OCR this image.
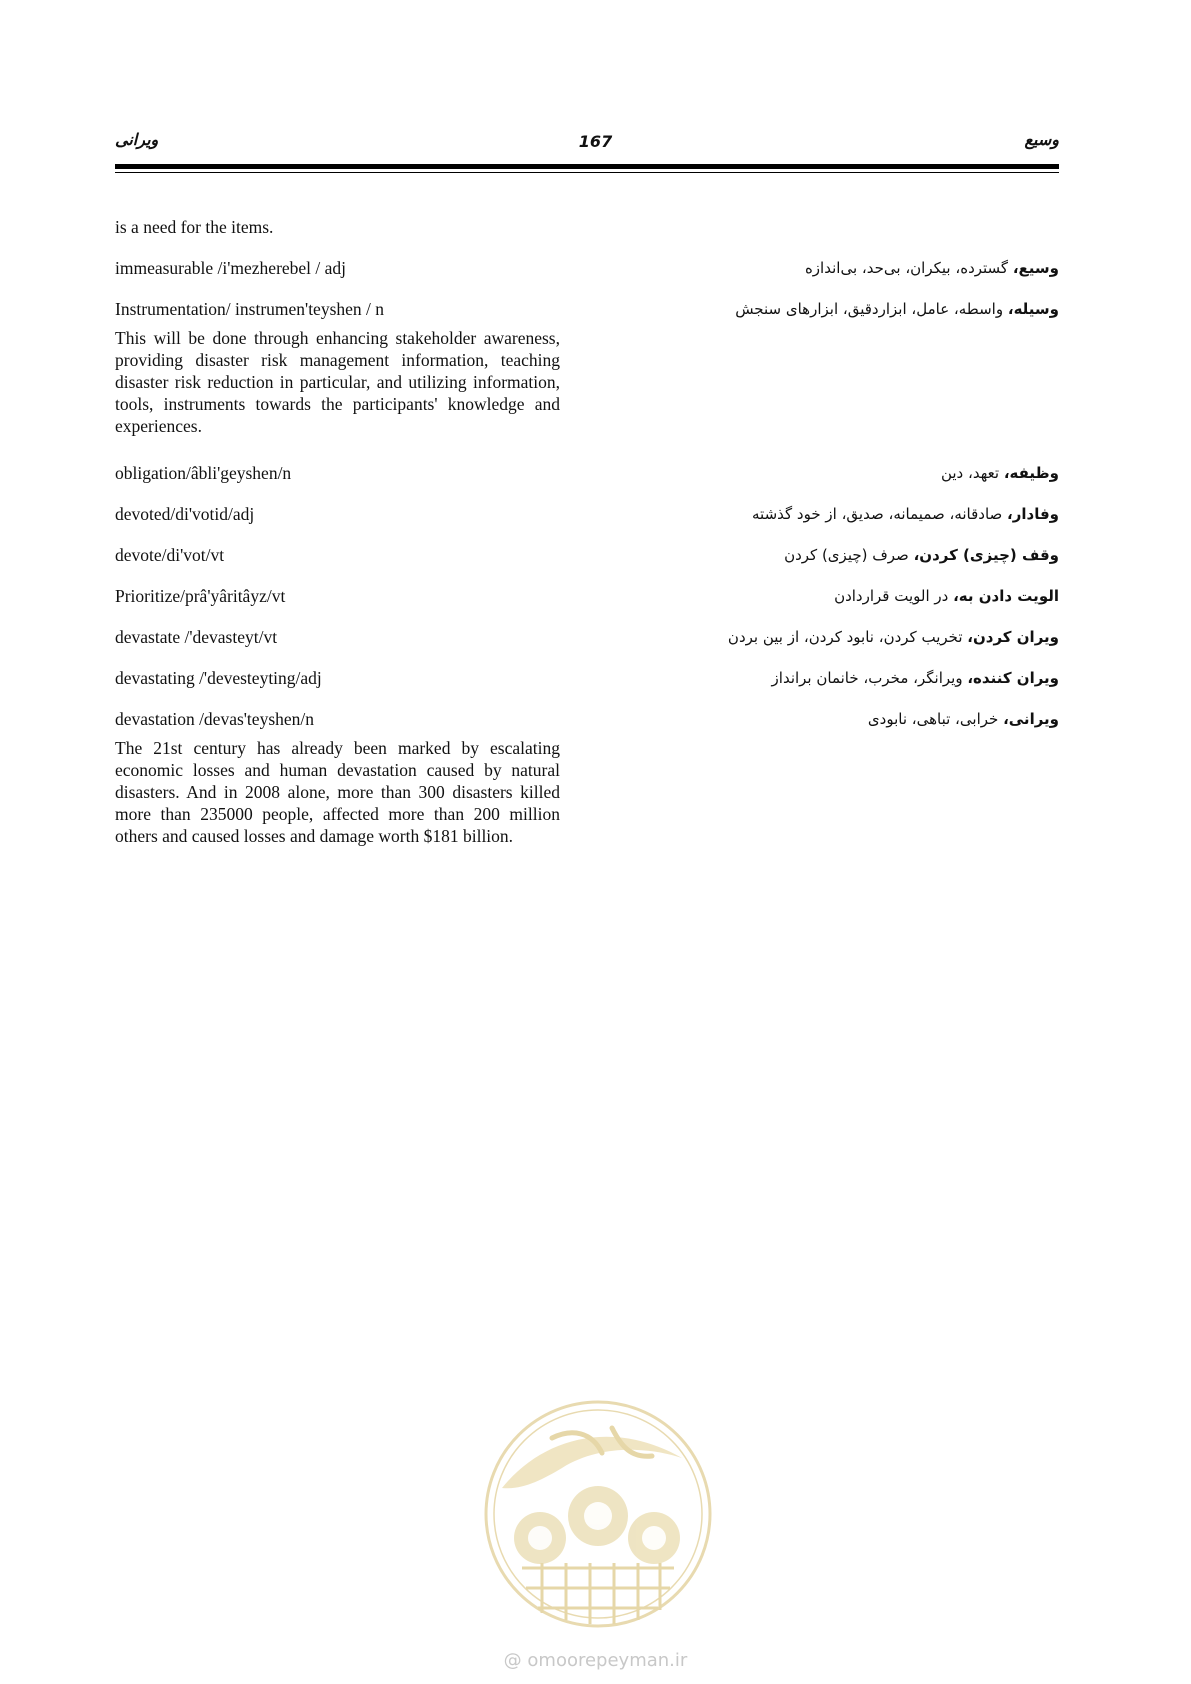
ویرانی	167	وسیع
is a need for the items.
immeasurable /i'mezherebel / adj
Instrumentation/ instrumen'teyshen / n
This will be done through enhancing stakeholder awareness, providing disaster risk management information, teaching disaster risk reduction in particular, and utilizing information, tools, instruments towards the participants' knowledge and experiences.
obligation/âbli'geyshen/n
devoted/di'votid/adj
devote/di'vot/vt
Prioritize/prâ'yâritâyz/vt
devastate /'devasteyt/vt
devastating /'devesteyting/adj
devastation /devas'teyshen/n
The 21st century has already been marked by escalating economic losses and human devastation caused by natural disasters. And in 2008 alone, more than 300 disasters killed more than 235000 people, affected more than 200 million others and caused losses and damage worth $181 billion.
وسیع، گسترده، بیکران، بی‌حد، بی‌اندازه
وسیله، واسطه، عامل، ابزاردقیق، ابزارهای سنجش
وظیفه، تعهد، دین
وفادار، صادقانه، صمیمانه، صدیق، از خود گذشته
وقف (چیزی) کردن، صرف (چیزی) کردن
الویت دادن به، در الویت قراردادن
ویران کردن، تخریب کردن، نابود کردن، از بین بردن
ویران کننده، ویرانگر، مخرب، خانمان برانداز
ویرانی، خرابی، تباهی، نابودی
@ omoorepeyman.ir
